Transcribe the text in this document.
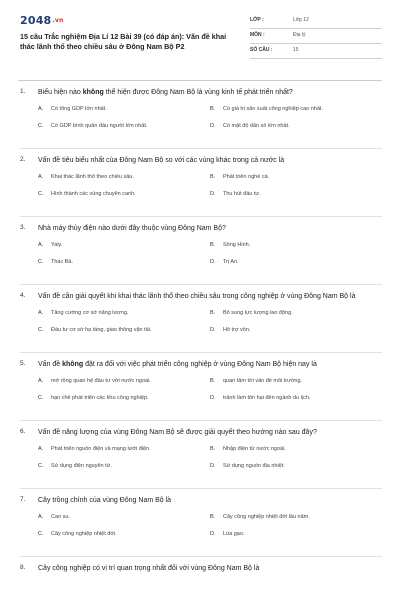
2048.vn
15 câu Trắc nghiệm Địa Lí 12 Bài 39 (có đáp án): Vấn đề khai thác lãnh thổ theo chiều sâu ở Đông Nam Bộ P2
LỚP :	Lớp 12
MÔN :	Địa lý
SỐ CÂU :	15
1. Biểu hiện nào không thể hiện được Đông Nam Bộ là vùng kinh tế phát triển nhất?
A. Có tổng GDP lớn nhất.	B. Có giá trị sản xuất công nghiệp cao nhất.
C. Có GDP bình quân đầu người lớn nhất.	D. Có mật độ dân số lớn nhất.
2. Vấn đề tiêu biểu nhất của Đông Nam Bộ so với các vùng khác trong cả nước là
A. Khai thác lãnh thổ theo chiều sâu.	B. Phát triển nghề cá.
C. Hình thành các vùng chuyên canh.	D. Thu hút đầu tư.
3. Nhà máy thủy điện nào dưới đây thuộc vùng Đông Nam Bộ?
A. Yaly.	B. Sông Hinh.
C. Thác Bà.	D. Trị An.
4. Vấn đề cần giải quyết khi khai thác lãnh thổ theo chiều sâu trong công nghiệp ở vùng Đông Nam Bộ là
A. Tăng cường cơ sở năng lượng.	B. Bổ sung lực lượng lao động.
C. Đầu tư cơ sở hạ tầng, giao thông vận tải.	D. Hỗ trợ vốn.
5. Vấn đề không đặt ra đối với việc phát triển công nghiệp ở vùng Đông Nam Bộ hiện nay là
A. mở rộng quan hệ đầu tư với nước ngoài.	B. quan tâm tới vấn đề môi trường.
C. hạn chế phát triển các khu công nghiệp.	D. tránh làm tổn hại đến ngành du lịch.
6. Vấn đề năng lượng của vùng Đông Nam Bộ sẽ được giải quyết theo hướng nào sau đây?
A. Phát triển nguồn điện và mạng lưới điện.	B. Nhập điện từ nước ngoài.
C. Sử dụng điện nguyên tử.	D. Sử dụng nguồn địa nhiệt.
7. Cây trồng chính của vùng Đông Nam Bộ là
A. Cao su.	B. Cây công nghiệp nhiệt đới lâu năm.
C. Cây công nghiệp nhiệt đới.	D. Lúa gạo.
8. Cây công nghiệp có vị trí quan trọng nhất đối với vùng Đông Nam Bộ là
